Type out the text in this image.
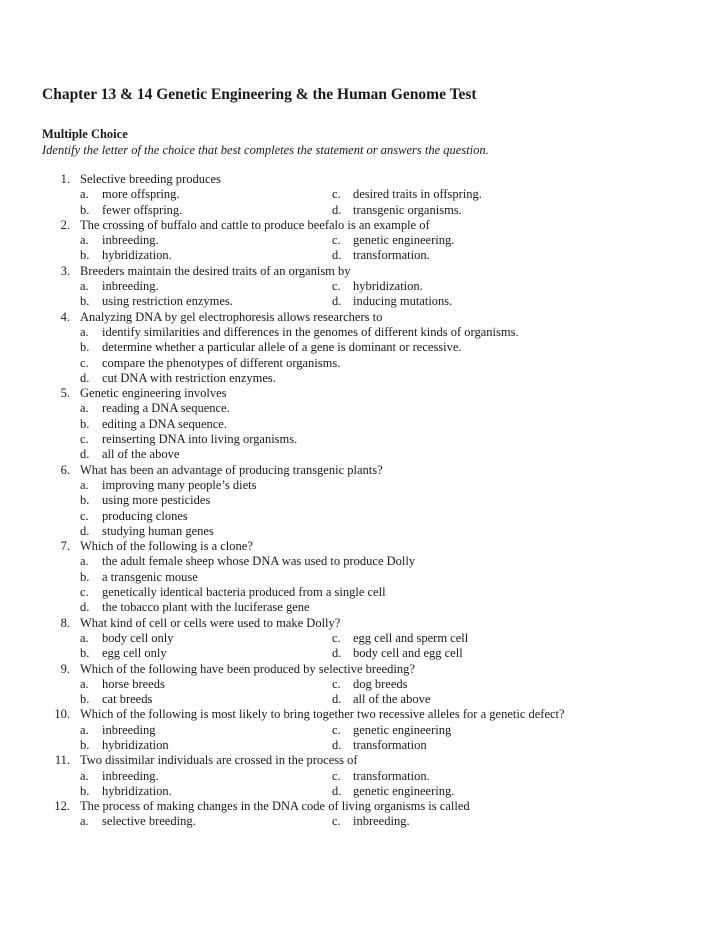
Chapter 13 & 14 Genetic Engineering & the Human Genome Test
Multiple Choice
Identify the letter of the choice that best completes the statement or answers the question.
1. Selective breeding produces
a. more offspring.	c. desired traits in offspring.
b. fewer offspring.	d. transgenic organisms.
2. The crossing of buffalo and cattle to produce beefalo is an example of
a. inbreeding.	c. genetic engineering.
b. hybridization.	d. transformation.
3. Breeders maintain the desired traits of an organism by
a. inbreeding.	c. hybridization.
b. using restriction enzymes.	d. inducing mutations.
4. Analyzing DNA by gel electrophoresis allows researchers to
a. identify similarities and differences in the genomes of different kinds of organisms.
b. determine whether a particular allele of a gene is dominant or recessive.
c. compare the phenotypes of different organisms.
d. cut DNA with restriction enzymes.
5. Genetic engineering involves
a. reading a DNA sequence.
b. editing a DNA sequence.
c. reinserting DNA into living organisms.
d. all of the above
6. What has been an advantage of producing transgenic plants?
a. improving many people’s diets
b. using more pesticides
c. producing clones
d. studying human genes
7. Which of the following is a clone?
a. the adult female sheep whose DNA was used to produce Dolly
b. a transgenic mouse
c. genetically identical bacteria produced from a single cell
d. the tobacco plant with the luciferase gene
8. What kind of cell or cells were used to make Dolly?
a. body cell only	c. egg cell and sperm cell
b. egg cell only	d. body cell and egg cell
9. Which of the following have been produced by selective breeding?
a. horse breeds	c. dog breeds
b. cat breeds	d. all of the above
10. Which of the following is most likely to bring together two recessive alleles for a genetic defect?
a. inbreeding	c. genetic engineering
b. hybridization	d. transformation
11. Two dissimilar individuals are crossed in the process of
a. inbreeding.	c. transformation.
b. hybridization.	d. genetic engineering.
12. The process of making changes in the DNA code of living organisms is called
a. selective breeding.	c. inbreeding.
